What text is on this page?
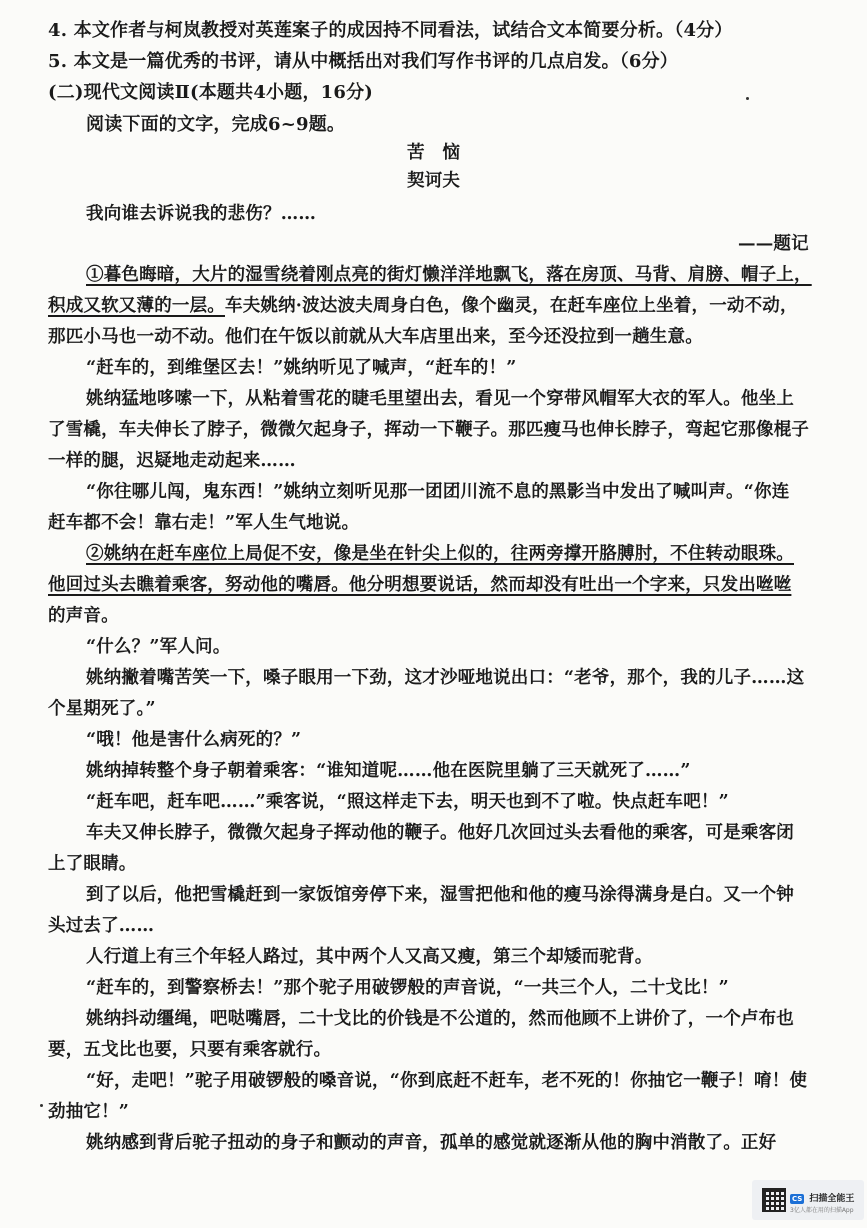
4. 本文作者与柯岚教授对英莲案子的成因持不同看法，试结合文本简要分析。（4分）
5. 本文是一篇优秀的书评，请从中概括出对我们写作书评的几点启发。（6分）
(二)现代文阅读Ⅱ(本题共4小题，16分)
阅读下面的文字，完成6~9题。
苦　恼
契诃夫
我向谁去诉说我的悲伤？……
——题记
①暮色晦暗，大片的湿雪绕着刚点亮的街灯懒洋洋地飘飞，落在房顶、马背、肩膀、帽子上，
积成又软又薄的一层。车夫姚纳·波达波夫周身白色，像个幽灵，在赶车座位上坐着，一动不动，
那匹小马也一动不动。他们在午饭以前就从大车店里出来，至今还没拉到一趟生意。
“赶车的，到维堡区去！”姚纳听见了喊声，“赶车的！”
姚纳猛地哆嗦一下，从粘着雪花的睫毛里望出去，看见一个穿带风帽军大衣的军人。他坐上
了雪橇，车夫伸长了脖子，微微欠起身子，挥动一下鞭子。那匹瘦马也伸长脖子，弯起它那像棍子
一样的腿，迟疑地走动起来……
“你往哪儿闯，鬼东西！”姚纳立刻听见那一团团川流不息的黑影当中发出了喊叫声。“你连
赶车都不会！靠右走！”军人生气地说。
②姚纳在赶车座位上局促不安，像是坐在针尖上似的，往两旁撑开胳膊肘，不住转动眼珠。
他回过头去瞧着乘客，努动他的嘴唇。他分明想要说话，然而却没有吐出一个字来，只发出咝咝
的声音。
“什么？”军人问。
姚纳撇着嘴苦笑一下，嗓子眼用一下劲，这才沙哑地说出口：“老爷，那个，我的儿子……这
个星期死了。”
“哦！他是害什么病死的？”
姚纳掉转整个身子朝着乘客：“谁知道呢……他在医院里躺了三天就死了……”
“赶车吧，赶车吧……”乘客说，“照这样走下去，明天也到不了啦。快点赶车吧！”
车夫又伸长脖子，微微欠起身子挥动他的鞭子。他好几次回过头去看他的乘客，可是乘客闭
上了眼睛。
到了以后，他把雪橇赶到一家饭馆旁停下来，湿雪把他和他的瘦马涂得满身是白。又一个钟
头过去了……
人行道上有三个年轻人路过，其中两个人又高又瘦，第三个却矮而驼背。
“赶车的，到警察桥去！”那个驼子用破锣般的声音说，“一共三个人，二十戈比！”
姚纳抖动缰绳，吧哒嘴唇，二十戈比的价钱是不公道的，然而他顾不上讲价了，一个卢布也
要，五戈比也要，只要有乘客就行。
“好，走吧！”驼子用破锣般的嗓音说，“你到底赶不赶车，老不死的！你抽它一鞭子！唷！使
劲抽它！”
姚纳感到背后驼子扭动的身子和颤动的声音，孤单的感觉就逐渐从他的胸中消散了。正好
CS 扫描全能王
3亿人都在用的扫描App
